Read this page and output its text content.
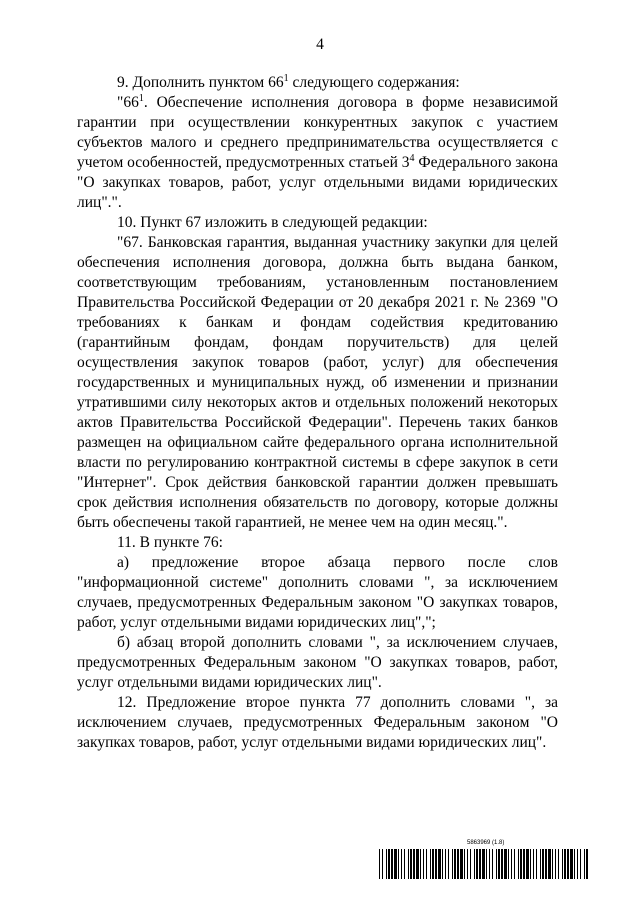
4

9. Дополнить пунктом $66^1$ следующего содержания:

"$66^1$. Обеспечение исполнения договора в форме независимой гарантии при осуществлении конкурентных закупок с участием субъектов малого и среднего предпринимательства осуществляется с учетом особенностей, предусмотренных статьей $3^4$ Федерального закона "О закупках товаров, работ, услуг отдельными видами юридических лиц".".

10. Пункт 67 изложить в следующей редакции:

"67. Банковская гарантия, выданная участнику закупки для целей обеспечения исполнения договора, должна быть выдана банком, соответствующим требованиям, установленным постановлением Правительства Российской Федерации от 20 декабря 2021 г. № 2369 "О требованиях к банкам и фондам содействия кредитованию (гарантийным фондам, фондам поручительств) для целей осуществления закупок товаров (работ, услуг) для обеспечения государственных и муниципальных нужд, об изменении и признании утратившими силу некоторых актов и отдельных положений некоторых актов Правительства Российской Федерации". Перечень таких банков размещен на официальном сайте федерального органа исполнительной власти по регулированию контрактной системы в сфере закупок в сети "Интернет". Срок действия банковской гарантии должен превышать срок действия исполнения обязательств по договору, которые должны быть обеспечены такой гарантией, не менее чем на один месяц.".

11. В пункте 76:

а) предложение второе абзаца первого после слов "информационной системе" дополнить словами ", за исключением случаев, предусмотренных Федеральным законом "О закупках товаров, работ, услуг отдельными видами юридических лиц",";

б) абзац второй дополнить словами ", за исключением случаев, предусмотренных Федеральным законом "О закупках товаров, работ, услуг отдельными видами юридических лиц".

12. Предложение второе пункта 77 дополнить словами ", за исключением случаев, предусмотренных Федеральным законом "О закупках товаров, работ, услуг отдельными видами юридических лиц".

5863969 (1.8)
